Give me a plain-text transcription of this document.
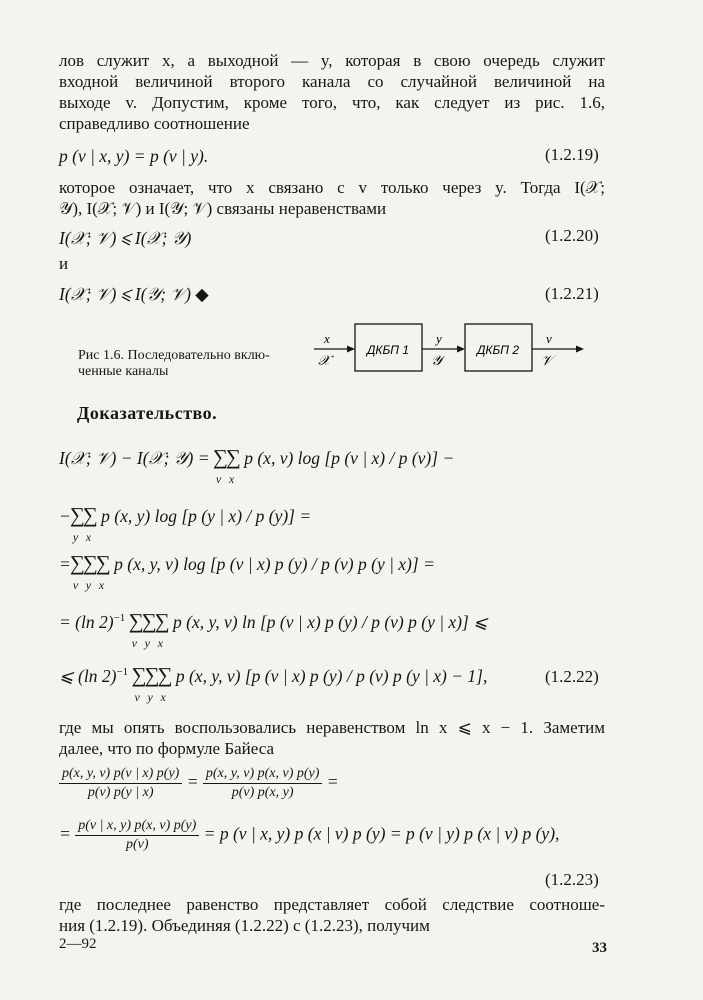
лов служит x, а выходной — y, которая в свою очередь служит
входной величиной второго канала со случайной величиной на
выходе v. Допустим, кроме того, что, как следует из рис. 1.6,
справедливо соотношение
p (v | x, y) = p (v | y).	(1.2.19)
которое означает, что x связано с v только через y. Тогда I(𝒳;
𝒴), I(𝒳; 𝒱) и I(𝒴; 𝒱) связаны неравенствами
I(𝒳; 𝒱) ⩽ I(𝒳; 𝒴)	(1.2.20)
и
I(𝒳; 𝒱) ⩽ I(𝒴; 𝒱) ◆	(1.2.21)
Рис 1.6. Последовательно вклю-
ченные каналы
ДКБП 1	ДКБП 2
x
𝒳
y
𝒴
v
𝒱
Доказательство.
I(𝒳; 𝒱) − I(𝒳; 𝒴) = ∑
v
∑
x
p (x, v) log [p (v | x) / p (v)] −
−∑
y
∑
x
p (x, y) log [p (y | x) / p (y)] =
=∑
v
∑
y
∑
x
p (x, y, v) log [p (v | x) p (y) / p (v) p (y | x)] =
= (ln 2)$^{-1}$ ∑
v
∑
y
∑
x
p (x, y, v) ln [p (v | x) p (y) / p (v) p (y | x)] ⩽
⩽ (ln 2)$^{-1}$ ∑
v
∑
y
∑
x
p (x, y, v) [p (v | x) p (y) / p (v) p (y | x) − 1],	(1.2.22)
где мы опять воспользовались неравенством ln x ⩽ x − 1. Заметим
далее, что по формуле Байеса
$\frac{p(x, y, v) p(v | x) p(y)}{p(v) p(y | x)} = \frac{p(x, y, v) p(x, v) p(y)}{p(v) p(x, y)}$ =
= $\frac{p(v | x, y) p(x, v) p(y)}{p(v)} = p$ (v | x, y) p (x | v) p (y) = p (v | y) p (x | v) p (y),
(1.2.23)
где последнее равенство представляет собой следствие соотноше-
ния (1.2.19). Объединяя (1.2.22) с (1.2.23), получим
2—92	33
